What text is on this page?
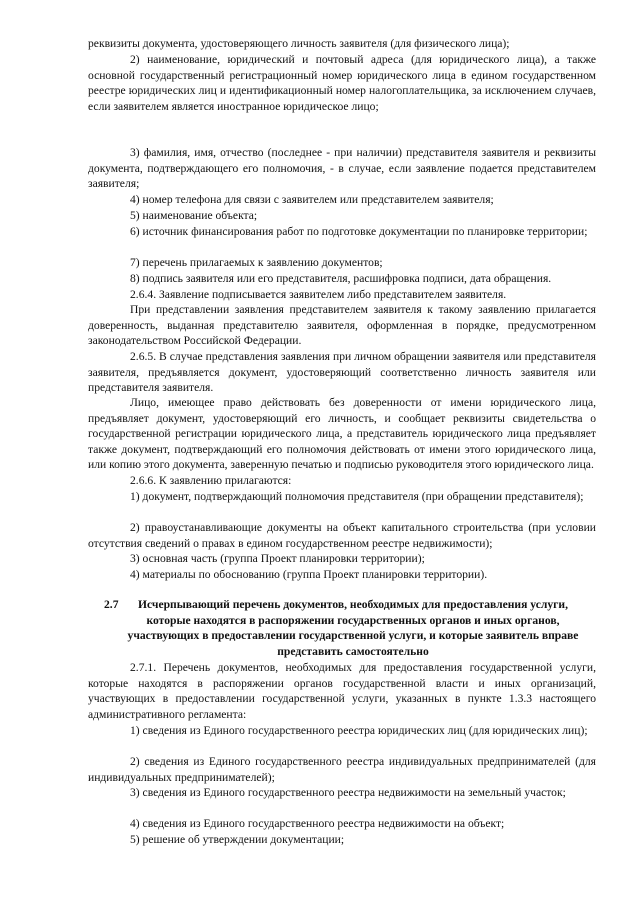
реквизиты документа, удостоверяющего личность заявителя (для физического лица);

2) наименование, юридический и почтовый адреса (для юридического лица), а также основной государственный регистрационный номер юридического лица в едином государственном реестре юридических лиц и идентификационный номер налогоплательщика, за исключением случаев, если заявителем является иностранное юридическое лицо;

3) фамилия, имя, отчество (последнее - при наличии) представителя заявителя и реквизиты документа, подтверждающего его полномочия, - в случае, если заявление подается представителем заявителя;

4) номер телефона для связи с заявителем или представителем заявителя;

5) наименование объекта;

6) источник финансирования работ по подготовке документации по планировке территории;

7) перечень прилагаемых к заявлению документов;

8) подпись заявителя или его представителя, расшифровка подписи, дата обращения.

2.6.4. Заявление подписывается заявителем либо представителем заявителя.

При представлении заявления представителем заявителя к такому заявлению прилагается доверенность, выданная представителю заявителя, оформленная в порядке, предусмотренном законодательством Российской Федерации.

2.6.5. В случае представления заявления при личном обращении заявителя или представителя заявителя, предъявляется документ, удостоверяющий соответственно личность заявителя или представителя заявителя.

Лицо, имеющее право действовать без доверенности от имени юридического лица, предъявляет документ, удостоверяющий его личность, и сообщает реквизиты свидетельства о государственной регистрации юридического лица, а представитель юридического лица предъявляет также документ, подтверждающий его полномочия действовать от имени этого юридического лица, или копию этого документа, заверенную печатью и подписью руководителя этого юридического лица.

2.6.6. К заявлению прилагаются:

1) документ, подтверждающий полномочия представителя (при обращении представителя);

2) правоустанавливающие документы на объект капитального строительства (при условии отсутствия сведений о правах в едином государственном реестре недвижимости);

3) основная часть (группа Проект планировки территории);

4) материалы по обоснованию (группа Проект планировки территории).

2.7	Исчерпывающий перечень документов, необходимых для предоставления услуги, которые находятся в распоряжении государственных органов и иных органов, участвующих в предоставлении государственной услуги, и которые заявитель вправе представить самостоятельно

2.7.1. Перечень документов, необходимых для предоставления государственной услуги, которые находятся в распоряжении органов государственной власти и иных организаций, участвующих в предоставлении государственной услуги, указанных в пункте 1.3.3 настоящего административного регламента:

1) сведения из Единого государственного реестра юридических лиц (для юридических лиц);

2) сведения из Единого государственного реестра индивидуальных предпринимателей (для индивидуальных предпринимателей);

3) сведения из Единого государственного реестра недвижимости на земельный участок;

4) сведения из Единого государственного реестра недвижимости на объект;

5) решение об утверждении документации;
